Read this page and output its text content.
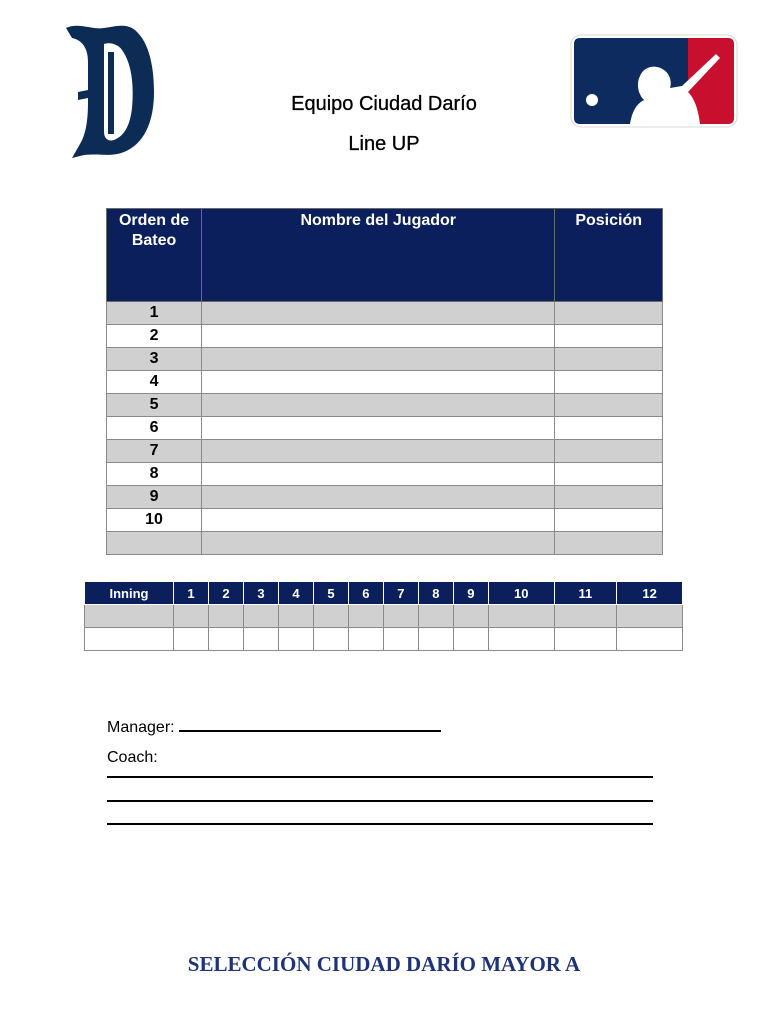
Equipo Ciudad Darío
Line UP
Orden de Bateo	Nombre del Jugador	Posición
1		
2		
3		
4		
5		
6		
7		
8		
9		
10		

Inning	1	2	3	4	5	6	7	8	9	10	11	12

Manager:
Coach:
SELECCIÓN CIUDAD DARÍO MAYOR A
